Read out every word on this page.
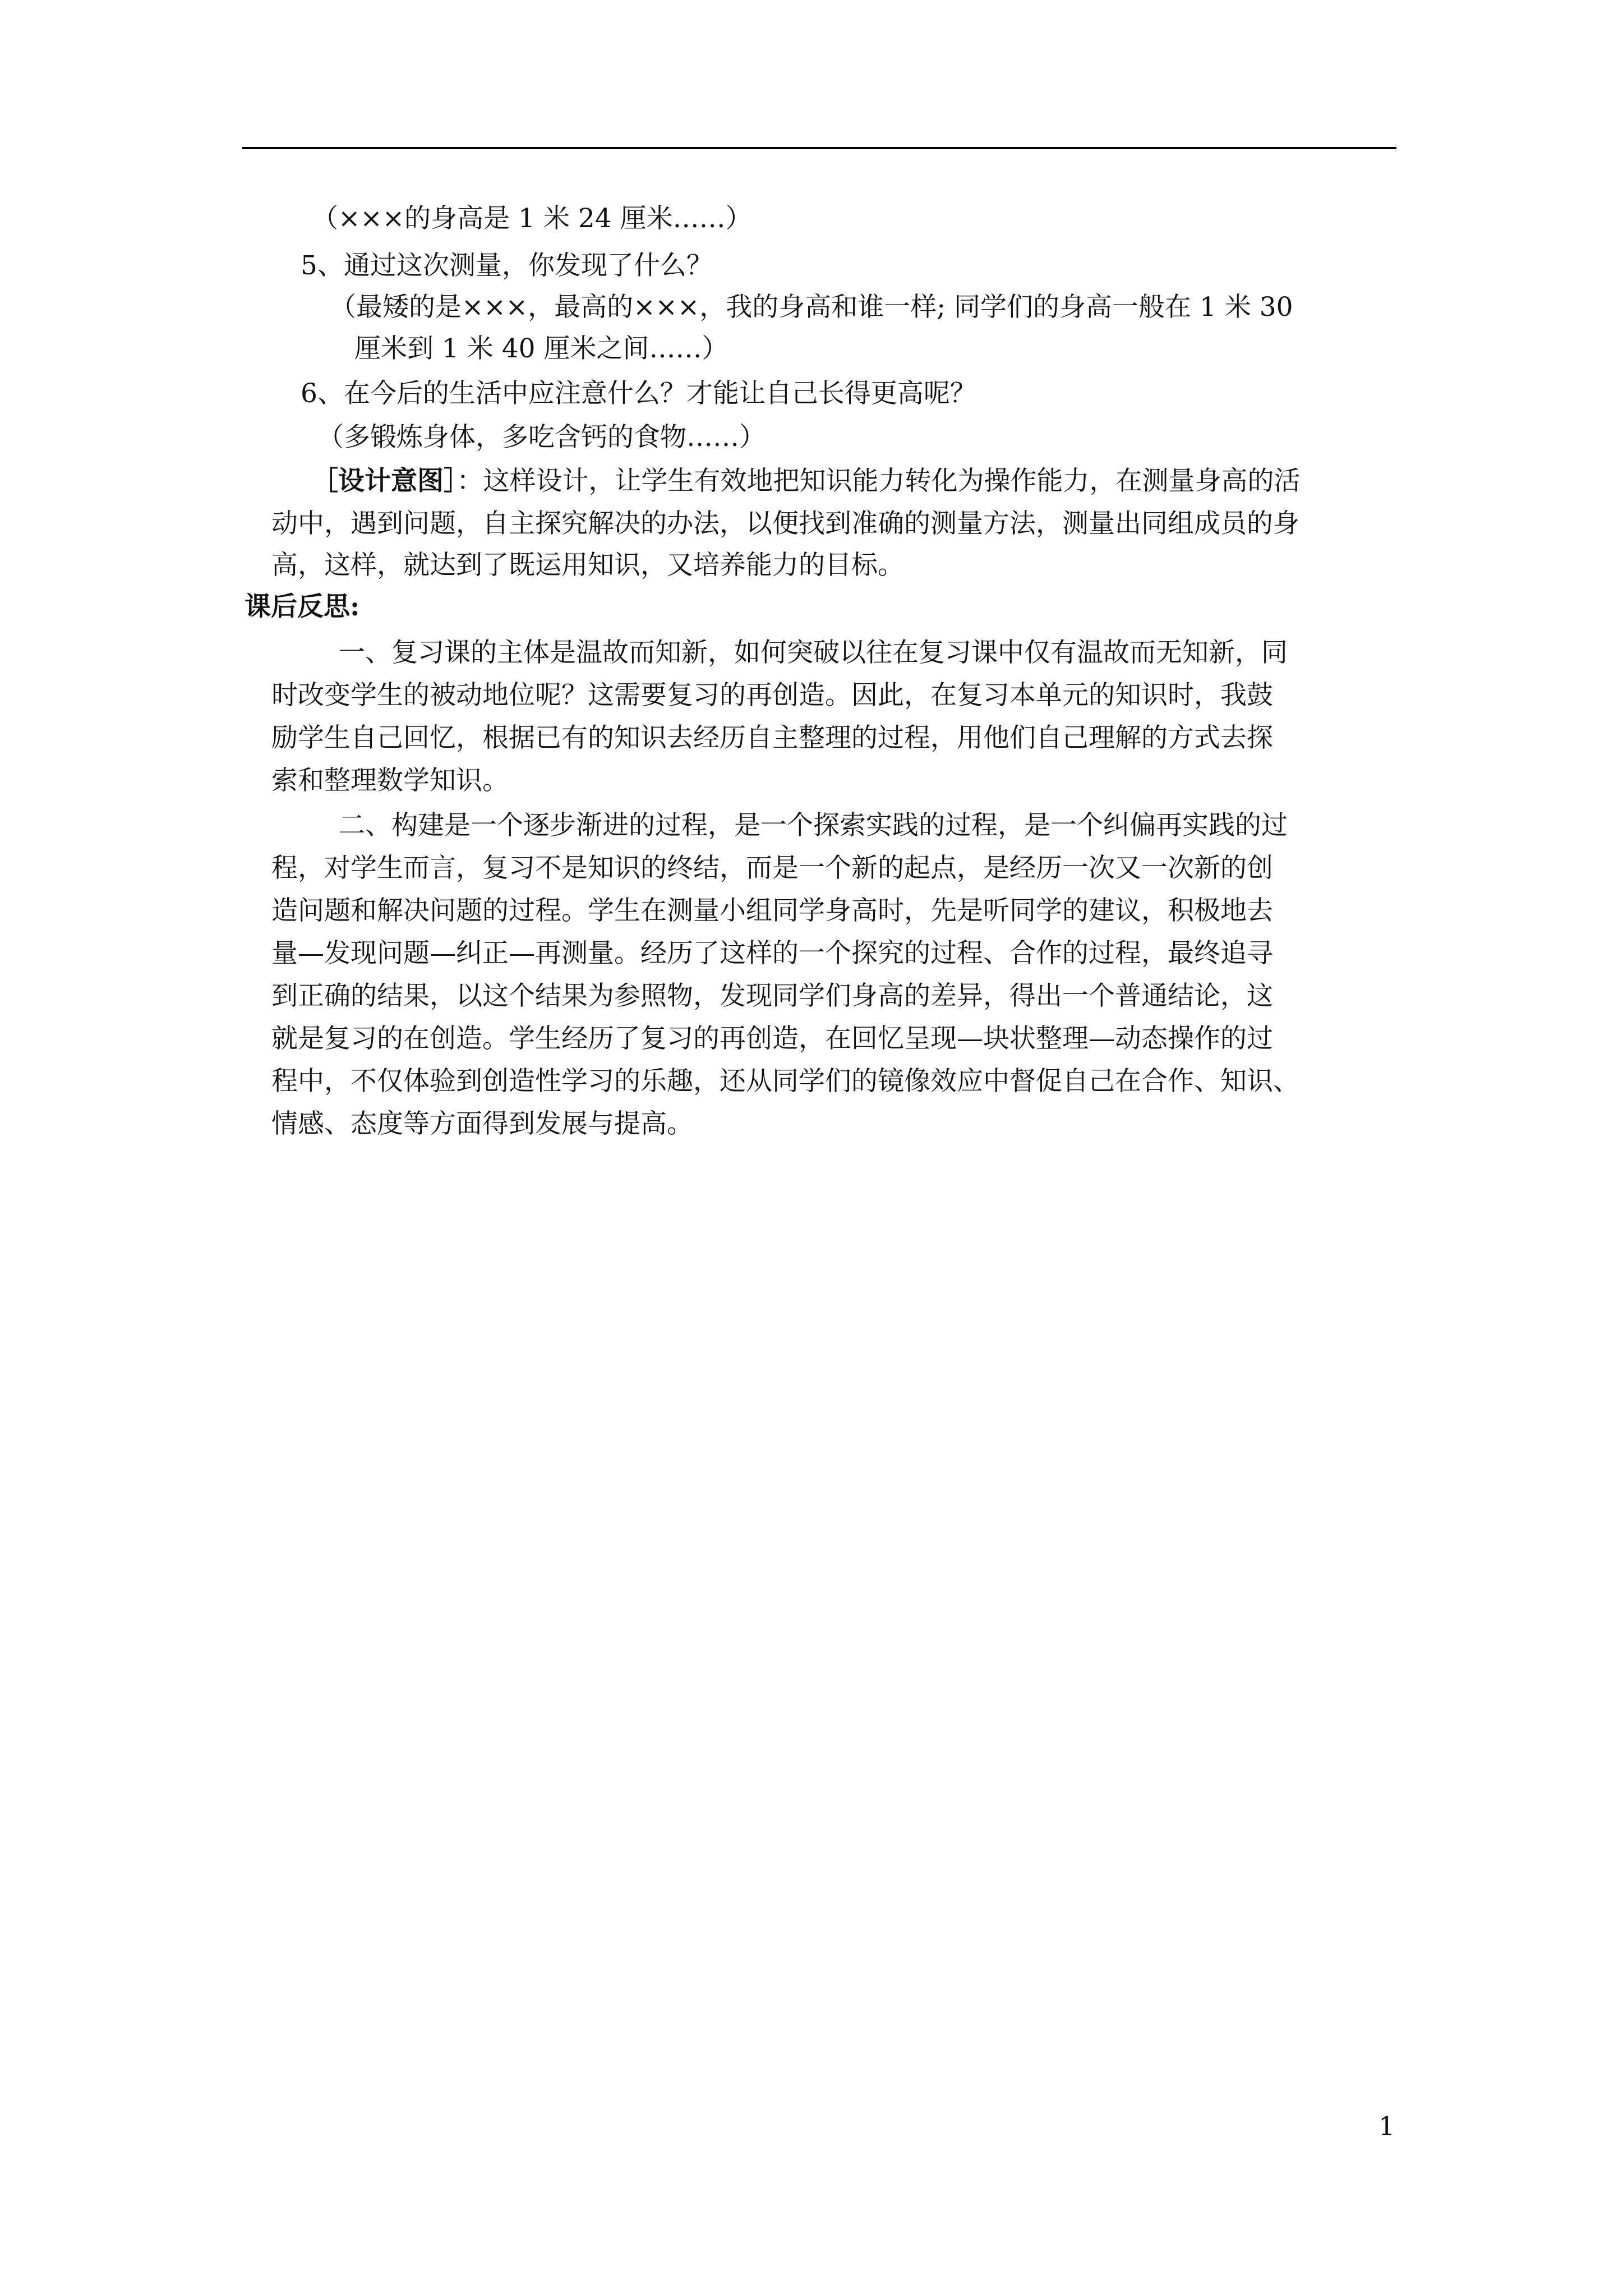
（×××的身高是 1 米 24 厘米……）
5、通过这次测量，你发现了什么？
（最矮的是×××，最高的×××，我的身高和谁一样; 同学们的身高一般在 1 米 30
厘米到 1 米 40 厘米之间……）
6、在今后的生活中应注意什么？才能让自己长得更高呢？
（多锻炼身体，多吃含钙的食物……）
［设计意图］：这样设计，让学生有效地把知识能力转化为操作能力，在测量身高的活
动中，遇到问题，自主探究解决的办法，以便找到准确的测量方法，测量出同组成员的身
高，这样，就达到了既运用知识，又培养能力的目标。
课后反思:
一、复习课的主体是温故而知新，如何突破以往在复习课中仅有温故而无知新，同
时改变学生的被动地位呢？这需要复习的再创造。因此，在复习本单元的知识时，我鼓
励学生自己回忆，根据已有的知识去经历自主整理的过程，用他们自己理解的方式去探
索和整理数学知识。
二、构建是一个逐步渐进的过程，是一个探索实践的过程，是一个纠偏再实践的过
程，对学生而言，复习不是知识的终结，而是一个新的起点，是经历一次又一次新的创
造问题和解决问题的过程。学生在测量小组同学身高时，先是听同学的建议，积极地去
量—发现问题—纠正—再测量。经历了这样的一个探究的过程、合作的过程，最终追寻
到正确的结果，以这个结果为参照物，发现同学们身高的差异，得出一个普通结论，这
就是复习的在创造。学生经历了复习的再创造，在回忆呈现—块状整理—动态操作的过
程中，不仅体验到创造性学习的乐趣，还从同学们的镜像效应中督促自己在合作、知识、
情感、态度等方面得到发展与提高。
1
